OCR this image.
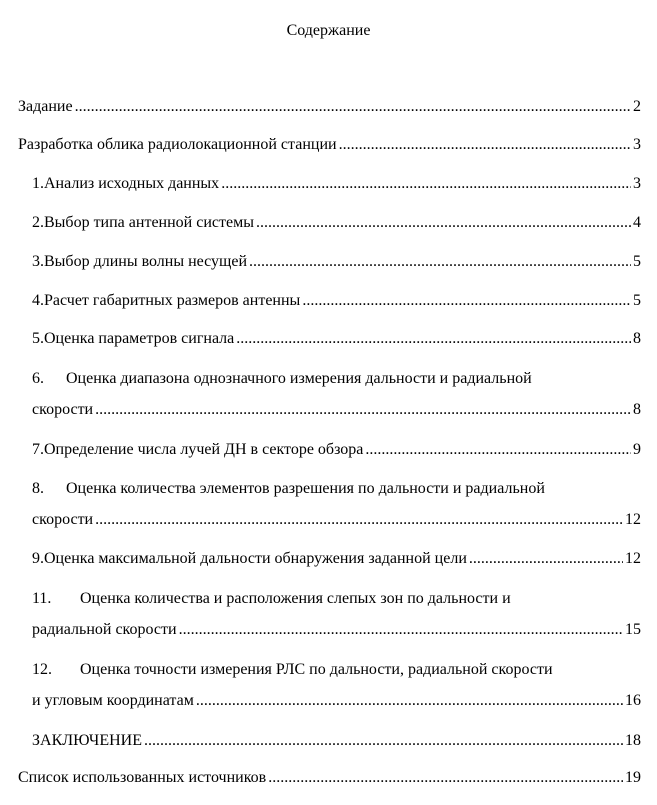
Содержание
Задание .....	2
Разработка облика радиолокационной станции .....	3
1. Анализ исходных данных .....	3
2. Выбор типа антенной системы .....	4
3. Выбор длины волны несущей .....	5
4. Расчет габаритных размеров антенны .....	5
5. Оценка параметров сигнала .....	8
6. Оценка диапазона однозначного измерения дальности и радиальной
скорости .....	8
7. Определение числа лучей ДН в секторе обзора .....	9
8. Оценка количества элементов разрешения по дальности и радиальной
скорости .....	12
9. Оценка максимальной дальности обнаружения заданной цели .....	12
11. Оценка количества и расположения слепых зон по дальности и
радиальной скорости .....	15
12. Оценка точности измерения РЛС по дальности, радиальной скорости
и угловым координатам .....	16
ЗАКЛЮЧЕНИЕ .....	18
Список использованных источников .....	19
